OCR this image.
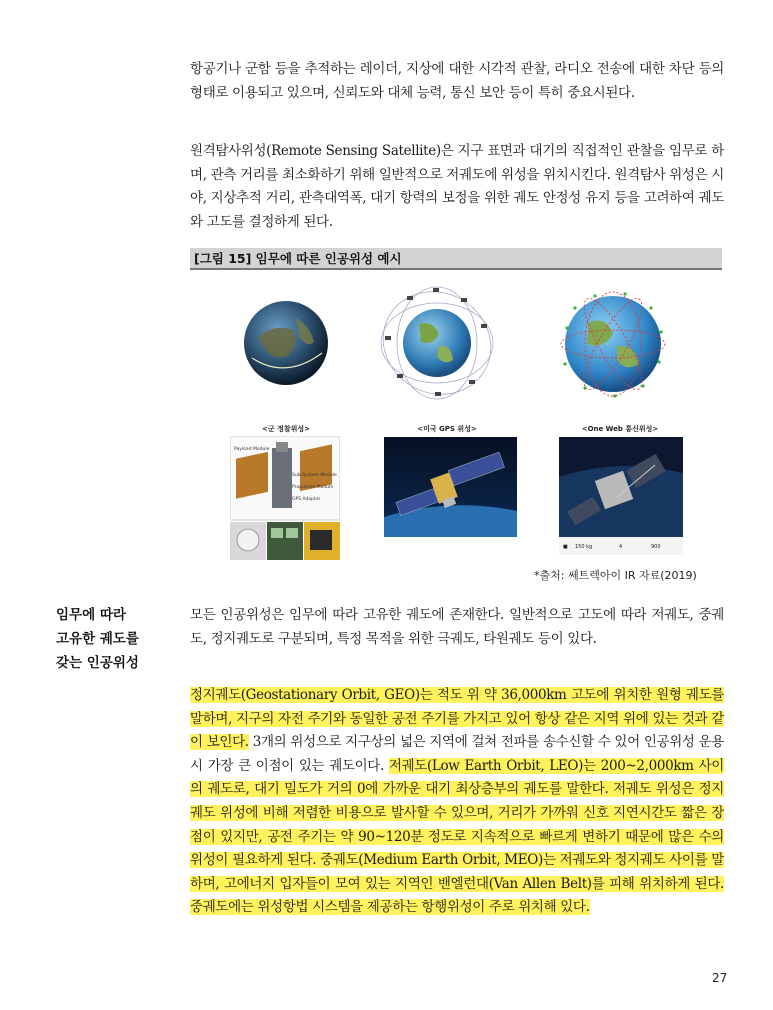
항공기나 군함 등을 추적하는 레이더, 지상에 대한 시각적 관찰, 라디오 전송에 대한 차단 등의 형태로 이용되고 있으며, 신뢰도와 대체 능력, 통신 보안 등이 특히 중요시된다.

원격탐사위성(Remote Sensing Satellite)은 지구 표면과 대기의 직접적인 관찰을 임무로 하며, 관측 거리를 최소화하기 위해 일반적으로 저궤도에 위성을 위치시킨다. 원격탐사 위성은 시야, 지상추적 거리, 관측대역폭, 대기 항력의 보정을 위한 궤도 안정성 유지 등을 고려하여 궤도와 고도를 결정하게 된다.

[그림 15] 임무에 따른 인공위성 예시
<군 정찰위성>	<미국 GPS 위성>	<One Web 통신위성>
Payload Module
Sub-System Module
Propulsion Module
GPS Adapter
■ 150 kg	4	900
*출처: 쎄트렉아이 IR 자료(2019)
임무에 따라
고유한 궤도를
갖는 인공위성

모든 인공위성은 임무에 따라 고유한 궤도에 존재한다. 일반적으로 고도에 따라 저궤도, 중궤도, 정지궤도로 구분되며, 특정 목적을 위한 극궤도, 타원궤도 등이 있다.

정지궤도(Geostationary Orbit, GEO)는 적도 위 약 36,000km 고도에 위치한 원형 궤도를 말하며, 지구의 자전 주기와 동일한 공전 주기를 가지고 있어 항상 같은 지역 위에 있는 것과 같이 보인다. 3개의 위성으로 지구상의 넓은 지역에 걸쳐 전파를 송수신할 수 있어 인공위성 운용 시 가장 큰 이점이 있는 궤도이다. 저궤도(Low Earth Orbit, LEO)는 200~2,000km 사이의 궤도로, 대기 밀도가 거의 0에 가까운 대기 최상층부의 궤도를 말한다. 저궤도 위성은 정지궤도 위성에 비해 저렴한 비용으로 발사할 수 있으며, 거리가 가까워 신호 지연시간도 짧은 장점이 있지만, 공전 주기는 약 90~120분 정도로 지속적으로 빠르게 변하기 때문에 많은 수의 위성이 필요하게 된다. 중궤도(Medium Earth Orbit, MEO)는 저궤도와 정지궤도 사이를 말하며, 고에너지 입자들이 모여 있는 지역인 밴엘런대(Van Allen Belt)를 피해 위치하게 된다. 중궤도에는 위성항법 시스템을 제공하는 항행위성이 주로 위치해 있다.

27
